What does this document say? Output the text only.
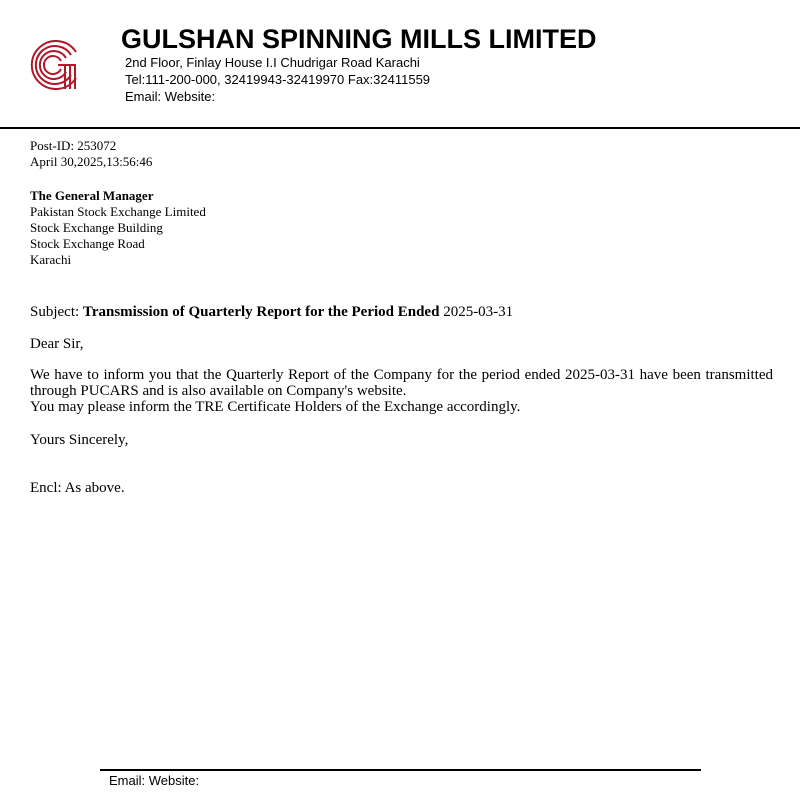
GULSHAN SPINNING MILLS LIMITED
2nd Floor, Finlay House I.I Chudrigar Road Karachi
Tel:111-200-000, 32419943-32419970 Fax:32411559
Email: Website:
Post-ID: 253072
April 30,2025,13:56:46
The General Manager
Pakistan Stock Exchange Limited
Stock Exchange Building
Stock Exchange Road
Karachi
Subject: Transmission of Quarterly Report for the Period Ended 2025-03-31
Dear Sir,
We have to inform you that the Quarterly Report of the Company for the period ended 2025-03-31 have been transmitted through PUCARS and is also available on Company's website.
You may please inform the TRE Certificate Holders of the Exchange accordingly.
Yours Sincerely,
Encl: As above.
Email: Website:
